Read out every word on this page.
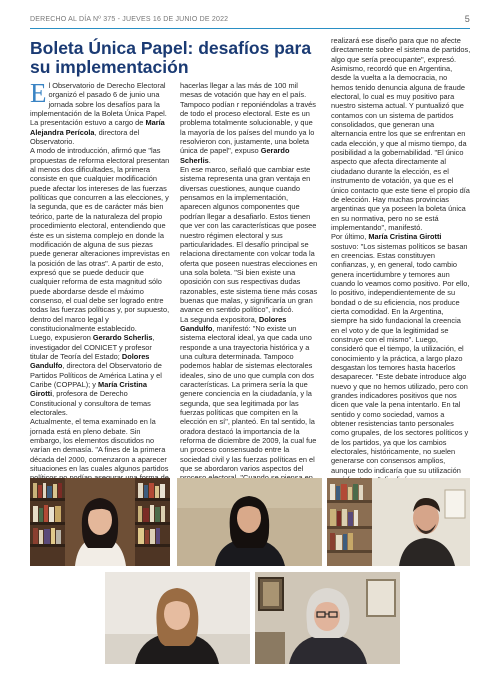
DERECHO AL DÍA Nº 375 - JUEVES 16 DE JUNIO DE 2022	5
Boleta Única Papel: desafíos para su implementación

El Observatorio de Derecho Electoral organizó el pasado 6 de junio una jornada sobre los desafíos para la implementación de la Boleta Única Papel. La presentación estuvo a cargo de María Alejandra Perícola, directora del Observatorio.

A modo de introducción, afirmó que "las propuestas de reforma electoral presentan al menos dos dificultades, la primera consiste en que cualquier modificación puede afectar los intereses de las fuerzas políticas que concurren a las elecciones, y la segunda, que es de carácter más bien teórico, parte de la naturaleza del propio procedimiento electoral, entendiendo que éste es un sistema complejo en donde la modificación de alguna de sus piezas puede generar alteraciones imprevistas en la posición de las otras". A partir de esto, expresó que se puede deducir que cualquier reforma de esta magnitud sólo puede abordarse desde el máximo consenso, el cual debe ser logrado entre todas las fuerzas políticas y, por supuesto, dentro del marco legal y constitucionalmente establecido.

Luego, expusieron Gerardo Scherlis, investigador del CONICET y profesor titular de Teoría del Estado; Dolores Gandulfo, directora del Observatorio de Partidos Políticos de América Latina y el Caribe (COPPAL); y María Cristina Girotti, profesora de Derecho Constitucional y consultora de temas electorales.

Actualmente, el tema examinado en la jornada está en pleno debate. Sin embargo, los elementos discutidos no varían en demasía. "A fines de la primera década del 2000, comenzaron a aparecer situaciones en las cuales algunos partidos

hacerlas llegar a las más de 100 mil mesas de votación que hay en el país. Tampoco podían r reponiéndolas a través de todo el proceso electoral. Este es un problema totalmente solucionable, y que la mayoría de los países del mundo ya lo resolvieron con, justamente, una boleta única de papel", expuso Gerardo Scherlis.

En ese marco, señaló que cambiar este sistema representa una gran ventaja en diversas cuestiones, aunque cuando pensamos en la implementación, aparecen algunos componentes que podrían llegar a desafiarlo. Estos tienen que ver con las características que posee nuestro régimen electoral y sus particularidades. El desafío principal se relaciona directamente con volcar toda la oferta que poseen nuestras elecciones en una sola boleta. "Si bien existe una oposición con sus respectivas dudas razonables, este sistema tiene más cosas buenas que malas, y significaría un gran avance en sentido político", indicó.

La segunda expositora, Dolores Gandulfo, manifestó: "No existe un sistema electoral ideal, ya que cada uno responde a una trayectoria histórica y a una cultura determinada. Tampoco podemos hablar de sistemas electorales ideales, sino de uno que cumpla con dos características. La primera sería la que genere conciencia en la ciudadanía, y la segunda, que sea legitimada por las fuerzas políticas que compiten en la elección en sí", planteó. En tal sentido, la oradora destacó la importancia de la reforma de diciembre de 2009, la cual fue un proceso consensuado entre la sociedad civil y las fuerzas políticas en el que se abordaron varios aspectos del

realizará ese diseño para que no afecte directamente sobre el sistema de partidos, algo que sería preocupante", expresó.

Asimismo, recordó que en Argentina, desde la vuelta a la democracia, no hemos tenido denuncia alguna de fraude electoral, lo cual es muy positivo para nuestro sistema actual. Y puntualizó que contamos con un sistema de partidos consolidados, que generan una alternancia entre los que se enfrentan en cada elección, y que al mismo tiempo, da posibilidad a la gobernabilidad. "El único aspecto que afecta directamente al ciudadano durante la elección, es el instrumento de votación, ya que es el único contacto que este tiene el propio día de elección. Hay muchas provincias argentinas que ya poseen la boleta única en su normativa, pero no se está implementando", manifestó.

Por último, María Cristina Girotti sostuvo: "Los sistemas políticos se basan en creencias. Estas constituyen confianzas, y, en general, todo cambio genera incertidumbre y temores aun cuando lo veamos como positivo. Por ello, lo positivo, independientemente de su bondad o de su eficiencia, nos produce cierta comodidad. En la Argentina, siempre ha sido fundacional la creencia en el voto y de que la legitimidad se construye con el mismo". Luego, consideró que el tiempo, la utilización, el conocimiento y la práctica, a largo plazo desgastan los temores hasta hacerlos desaparecer. "Este debate introduce algo nuevo y que no hemos utilizado, pero con grandes indicadores positivos que nos dicen que vale la pena intentarlo. En tal sentido y como sociedad, vamos a obtener resistencias tanto personales como grupales, de los sectores políticos y de los partidos, ya que los cambios electorales, históricamente, no suelen generarse con consensos amplios, aunque todo indicaría que su utilización
